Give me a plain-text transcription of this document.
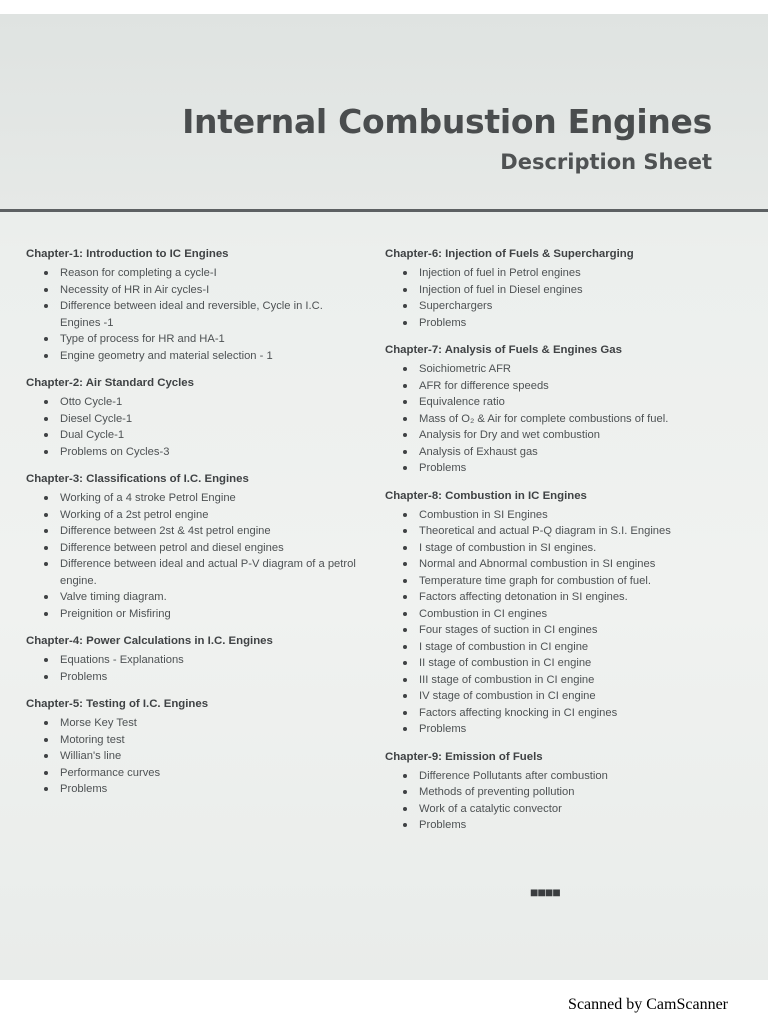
Internal Combustion Engines
Description Sheet
Chapter-1: Introduction to IC Engines
Reason for completing a cycle-I
Necessity of HR in Air cycles-I
Difference between ideal and reversible, Cycle in I.C. Engines -1
Type of process for HR and HA-1
Engine geometry and material selection - 1
Chapter-2: Air Standard Cycles
Otto Cycle-1
Diesel Cycle-1
Dual Cycle-1
Problems on Cycles-3
Chapter-3: Classifications of I.C. Engines
Working of a 4 stroke Petrol Engine
Working of a 2st petrol engine
Difference between 2st & 4st petrol engine
Difference between petrol and diesel engines
Difference between ideal and actual P-V diagram of a petrol engine.
Valve timing diagram.
Preignition or Misfiring
Chapter-4: Power Calculations in I.C. Engines
Equations - Explanations
Problems
Chapter-5: Testing of I.C. Engines
Morse Key Test
Motoring test
Willian's line
Performance curves
Problems
Chapter-6: Injection of Fuels & Supercharging
Injection of fuel in Petrol engines
Injection of fuel in Diesel engines
Superchargers
Problems
Chapter-7: Analysis of Fuels & Engines Gas
Soichiometric AFR
AFR for difference speeds
Equivalence ratio
Mass of O₂ & Air for complete combustions of fuel.
Analysis for Dry and wet combustion
Analysis of Exhaust gas
Problems
Chapter-8: Combustion in IC Engines
Combustion in SI Engines
Theoretical and actual P-Q diagram in S.I. Engines
I stage of combustion in SI engines.
Normal and Abnormal combustion in SI engines
Temperature time graph for combustion of fuel.
Factors affecting detonation in SI engines.
Combustion in CI engines
Four stages of suction in CI engines
I stage of combustion in CI engine
II stage of combustion in CI engine
III stage of combustion in CI engine
IV stage of combustion in CI engine
Factors affecting knocking in CI engines
Problems
Chapter-9: Emission of Fuels
Difference Pollutants after combustion
Methods of preventing pollution
Work of a catalytic convector
Problems
■■■■
Scanned by CamScanner
